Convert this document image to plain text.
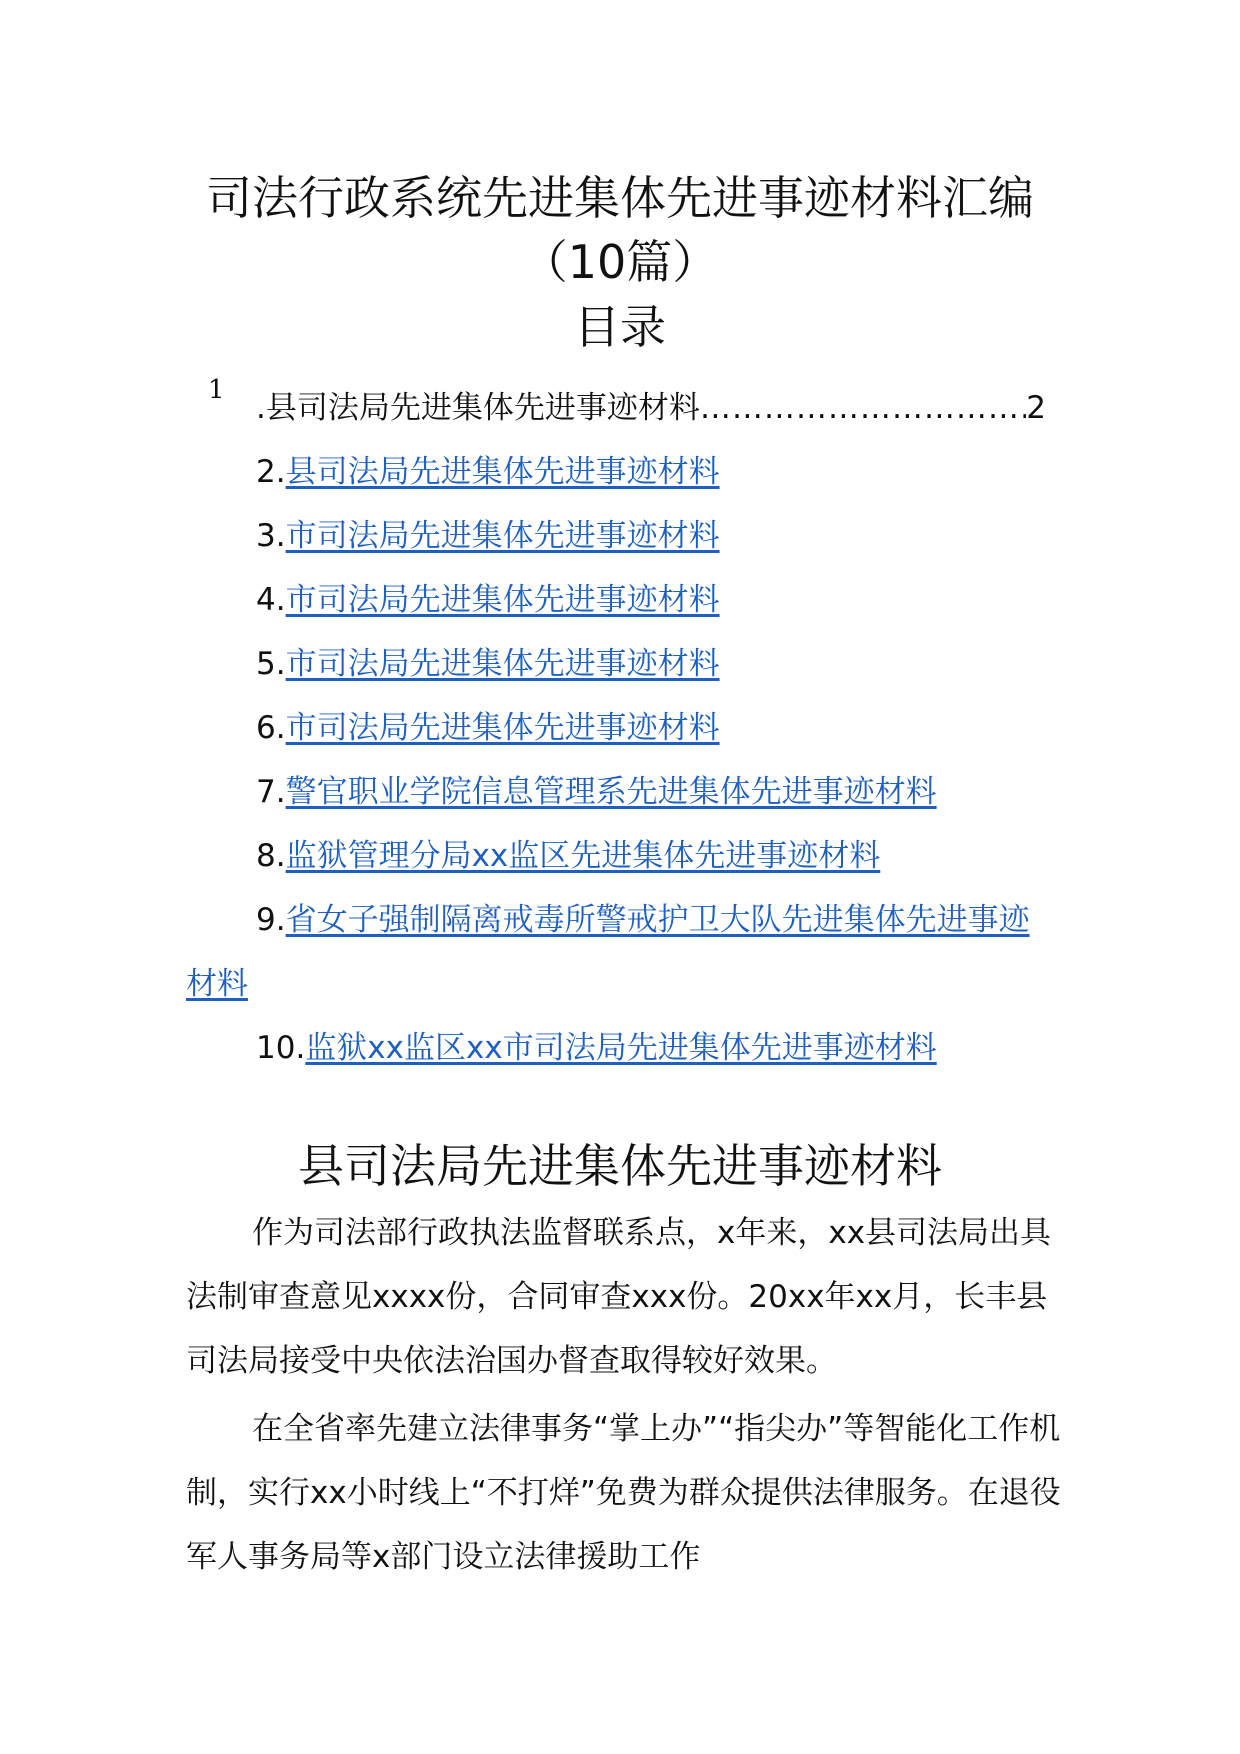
司法行政系统先进集体先进事迹材料汇编
（10篇）
目录
1 . 县司法局先进集体先进事迹材料
……………………………………………………………………	2
2.县司法局先进集体先进事迹材料
3.市司法局先进集体先进事迹材料
4.市司法局先进集体先进事迹材料
5.市司法局先进集体先进事迹材料
6.市司法局先进集体先进事迹材料
7.警官职业学院信息管理系先进集体先进事迹材料
8.监狱管理分局xx监区先进集体先进事迹材料
9.省女子强制隔离戒毒所警戒护卫大队先进集体先进事迹材料
10.监狱xx监区xx市司法局先进集体先进事迹材料
县司法局先进集体先进事迹材料
作为司法部行政执法监督联系点，x年来，xx县司法局出具法制审查意见xxxx份，合同审查xxx份。20xx年xx月，长丰县司法局接受中央依法治国办督查取得较好效果。
在全省率先建立法律事务“掌上办”“指尖办”等智能化工作机制，实行xx小时线上“不打烊”免费为群众提供法律服务。在退役军人事务局等x部门设立法律援助工作
